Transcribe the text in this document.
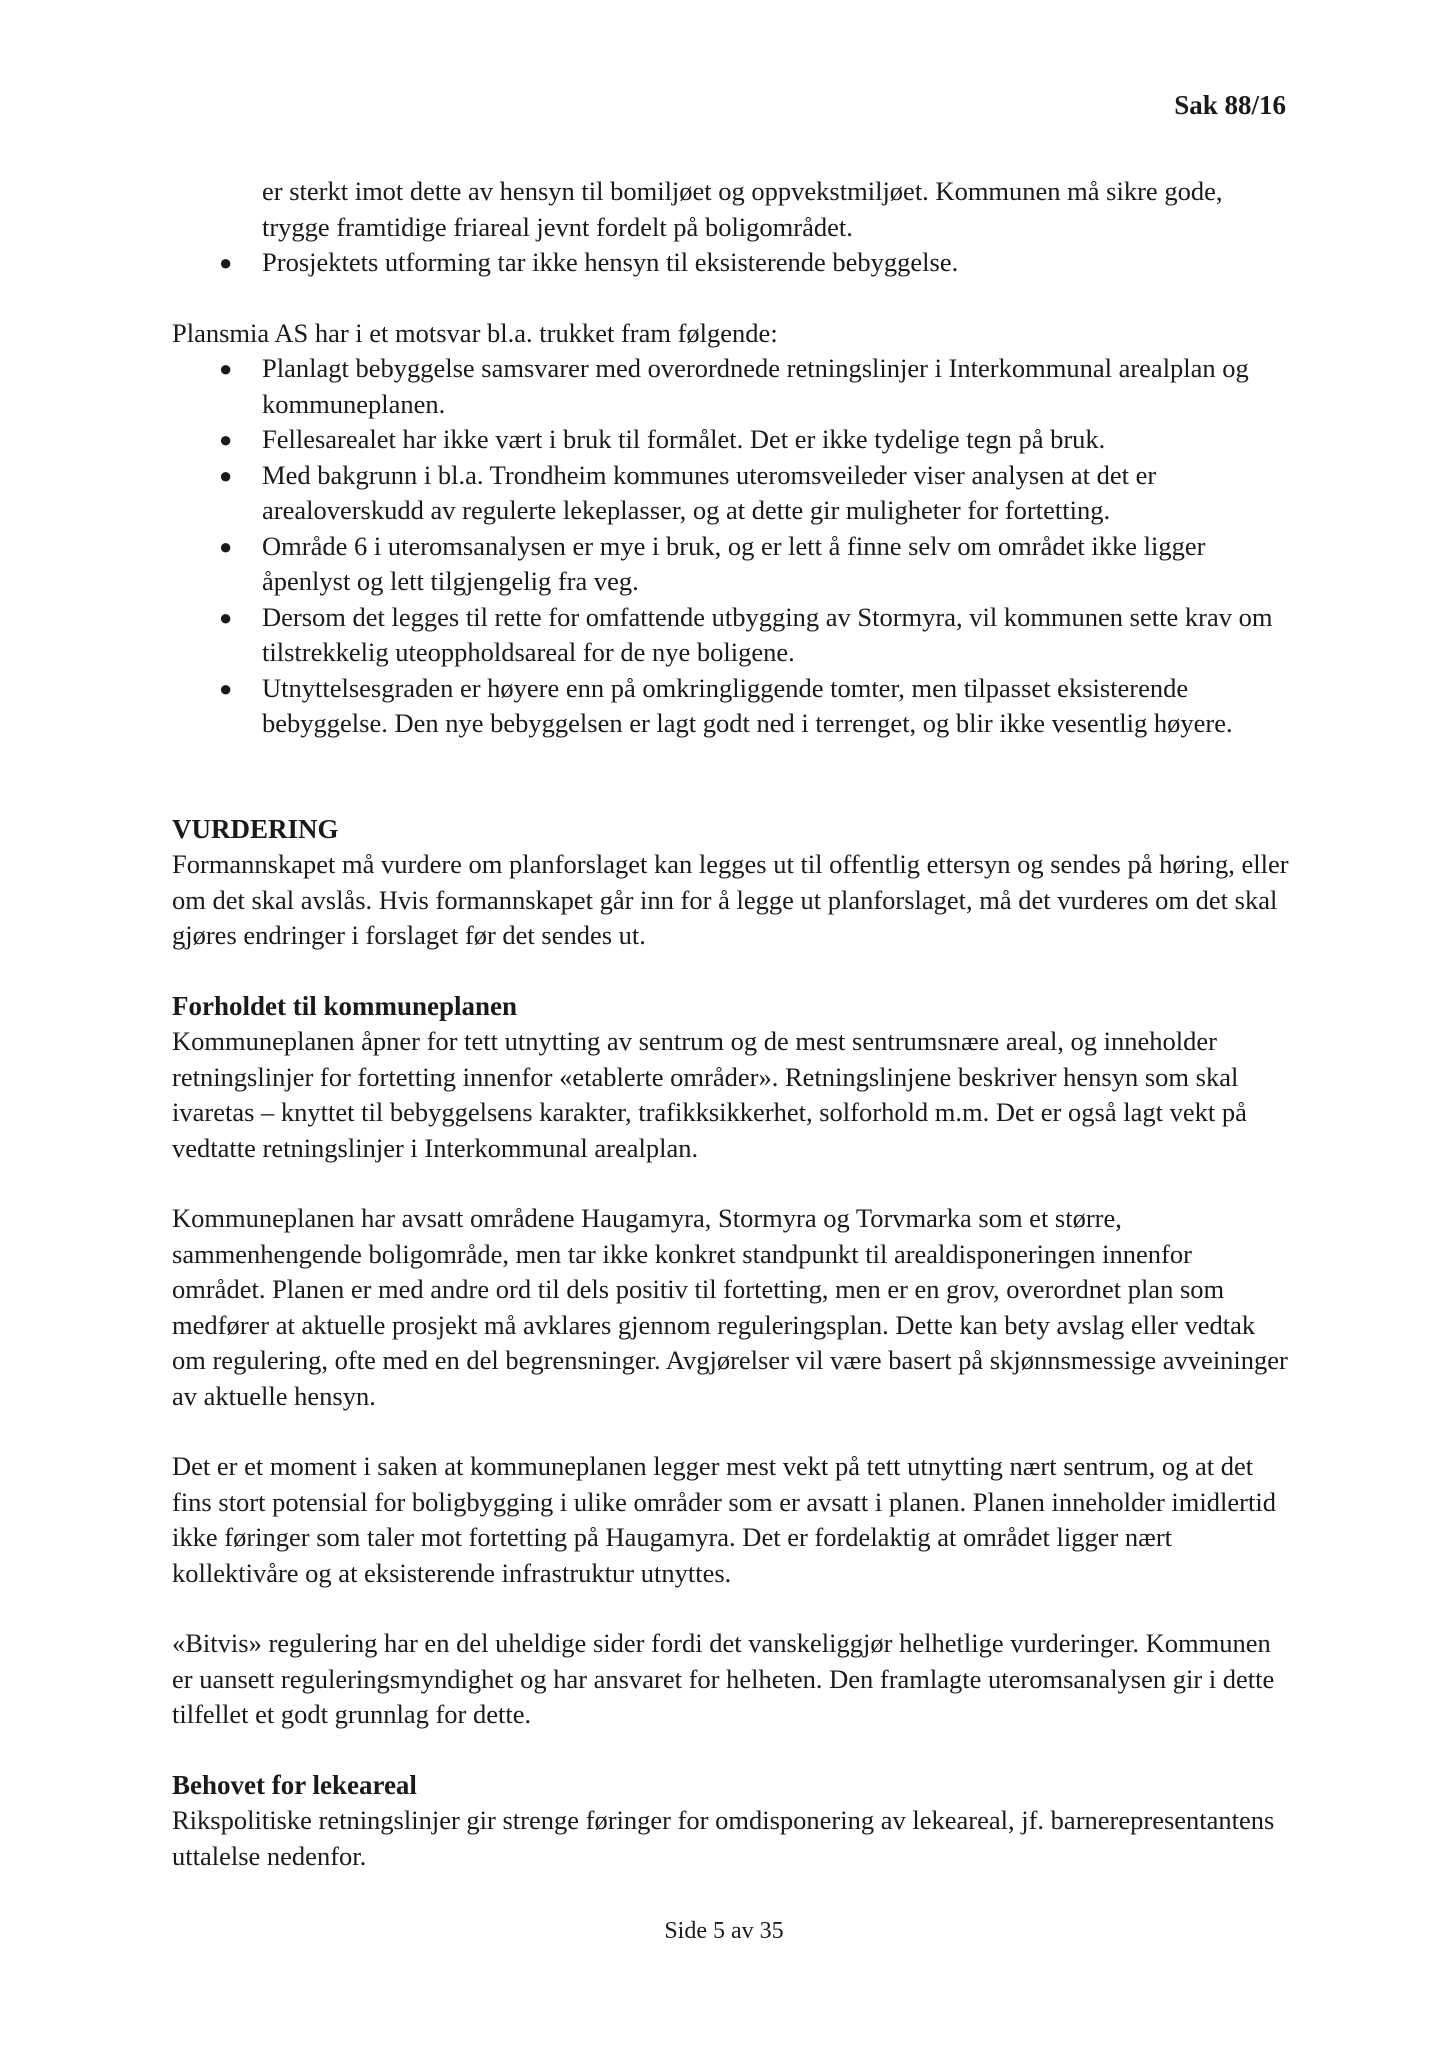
Sak 88/16

er sterkt imot dette av hensyn til bomiljøet og oppvekstmiljøet. Kommunen må sikre gode, trygge framtidige friareal jevnt fordelt på boligområdet.

● Prosjektets utforming tar ikke hensyn til eksisterende bebyggelse.

Plansmia AS har i et motsvar bl.a. trukket fram følgende:

● Planlagt bebyggelse samsvarer med overordnede retningslinjer i Interkommunal arealplan og kommuneplanen.
● Fellesarealet har ikke vært i bruk til formålet. Det er ikke tydelige tegn på bruk.
● Med bakgrunn i bl.a. Trondheim kommunes uteromsveileder viser analysen at det er arealoverskudd av regulerte lekeplasser, og at dette gir muligheter for fortetting.
● Område 6 i uteromsanalysen er mye i bruk, og er lett å finne selv om området ikke ligger åpenlyst og lett tilgjengelig fra veg.
● Dersom det legges til rette for omfattende utbygging av Stormyra, vil kommunen sette krav om tilstrekkelig uteoppholdsareal for de nye boligene.
● Utnyttelsesgraden er høyere enn på omkringliggende tomter, men tilpasset eksisterende bebyggelse. Den nye bebyggelsen er lagt godt ned i terrenget, og blir ikke vesentlig høyere.
VURDERING

Formannskapet må vurdere om planforslaget kan legges ut til offentlig ettersyn og sendes på høring, eller om det skal avslås. Hvis formannskapet går inn for å legge ut planforslaget, må det vurderes om det skal gjøres endringer i forslaget før det sendes ut.

Forholdet til kommuneplanen

Kommuneplanen åpner for tett utnytting av sentrum og de mest sentrumsnære areal, og inneholder retningslinjer for fortetting innenfor «etablerte områder». Retningslinjene beskriver hensyn som skal ivaretas – knyttet til bebyggelsens karakter, trafikksikkerhet, solforhold m.m. Det er også lagt vekt på vedtatte retningslinjer i Interkommunal arealplan.

Kommuneplanen har avsatt områdene Haugamyra, Stormyra og Torvmarka som et større, sammenhengende boligområde, men tar ikke konkret standpunkt til arealdisponeringen innenfor området. Planen er med andre ord til dels positiv til fortetting, men er en grov, overordnet plan som medfører at aktuelle prosjekt må avklares gjennom reguleringsplan. Dette kan bety avslag eller vedtak om regulering, ofte med en del begrensninger. Avgjørelser vil være basert på skjønnsmessige avveininger av aktuelle hensyn.

Det er et moment i saken at kommuneplanen legger mest vekt på tett utnytting nært sentrum, og at det fins stort potensial for boligbygging i ulike områder som er avsatt i planen. Planen inneholder imidlertid ikke føringer som taler mot fortetting på Haugamyra. Det er fordelaktig at området ligger nært kollektivåre og at eksisterende infrastruktur utnyttes.

«Bitvis» regulering har en del uheldige sider fordi det vanskeliggjør helhetlige vurderinger. Kommunen er uansett reguleringsmyndighet og har ansvaret for helheten. Den framlagte uteromsanalysen gir i dette tilfellet et godt grunnlag for dette.

Behovet for lekeareal

Rikspolitiske retningslinjer gir strenge føringer for omdisponering av lekeareal, jf. barnerepresentantens uttalelse nedenfor.

Side 5 av 35
